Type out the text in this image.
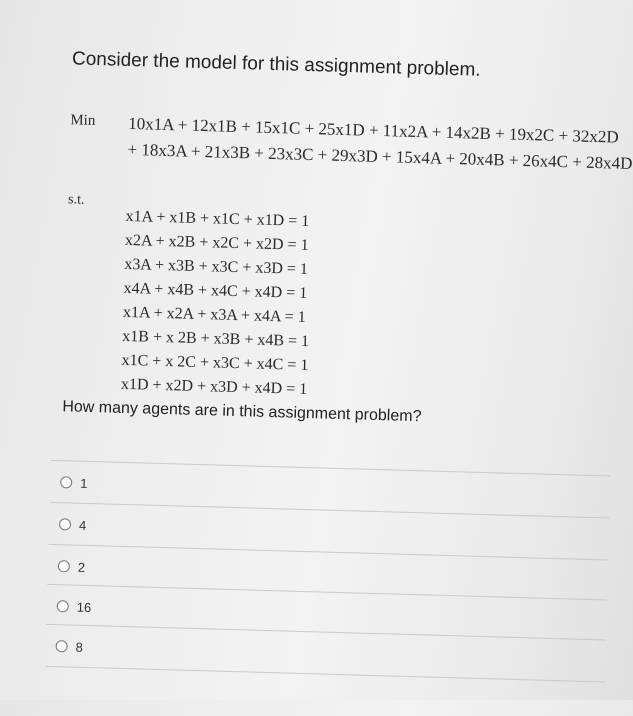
Consider the model for this assignment problem.
Min 10x1A + 12x1B + 15x1C + 25x1D + 11x2A + 14x2B + 19x2C + 32x2D
+ 18x3A + 21x3B + 23x3C + 29x3D + 15x4A + 20x4B + 26x4C + 28x4D
s.t.
x1A + x1B + x1C + x1D = 1
x2A + x2B + x2C + x2D = 1
x3A + x3B + x3C + x3D = 1
x4A + x4B + x4C + x4D = 1
x1A + x2A + x3A + x4A = 1
x1B + x 2B + x3B + x4B = 1
x1C + x 2C + x3C + x4C = 1
x1D + x2D + x3D + x4D = 1
How many agents are in this assignment problem?
1
4
2
16
8
